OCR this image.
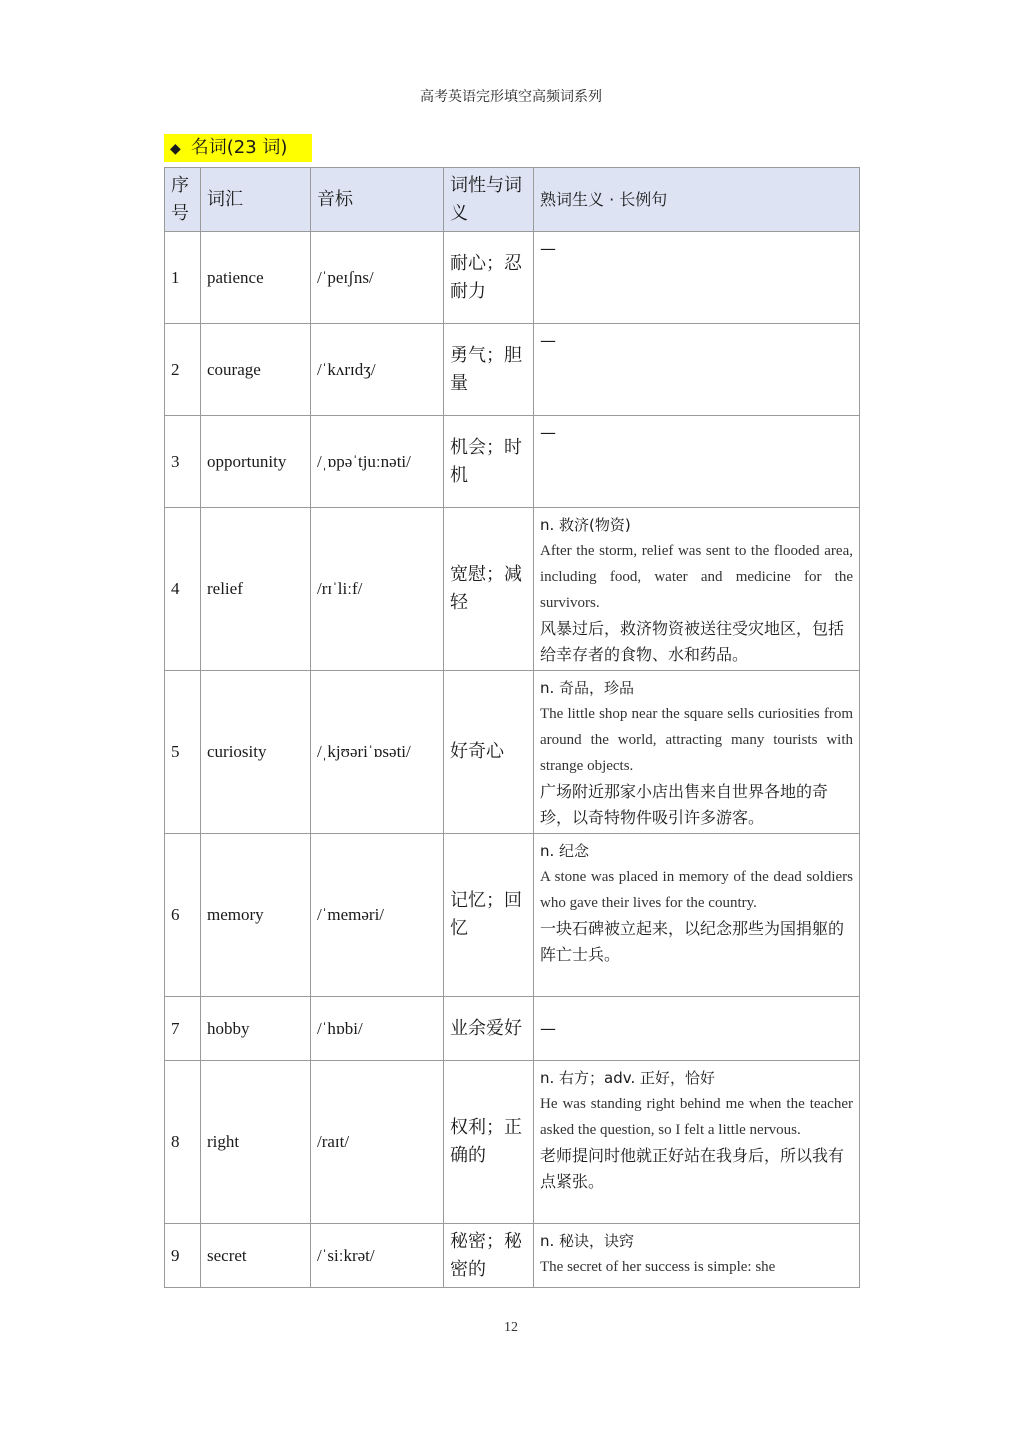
高考英语完形填空高频词系列
◆ 名词(23 词)
序号	词汇	音标	词性与词义	熟词生义 · 长例句
1	patience	/ˈpeɪʃns/	耐心；忍耐力	—

2	courage	/ˈkʌrɪdʒ/	勇气；胆量	—

3	opportunity	/ˌɒpəˈtjuːnəti/	机会；时机	—

4	relief	/rɪˈliːf/	宽慰；减轻	n. 救济(物资)
After the storm, relief was sent to the flooded area, including food, water and medicine for the survivors.
风暴过后，救济物资被送往受灾地区，包括给幸存者的食物、水和药品。

5	curiosity	/ˌkjʊəriˈɒsəti/	好奇心	n. 奇品，珍品
The little shop near the square sells curiosities from around the world, attracting many tourists with strange objects.
广场附近那家小店出售来自世界各地的奇珍，以奇特物件吸引许多游客。

6	memory	/ˈmeməri/	记忆；回忆	n. 纪念
A stone was placed in memory of the dead soldiers who gave their lives for the country.
一块石碑被立起来，以纪念那些为国捐躯的阵亡士兵。

7	hobby	/ˈhɒbi/	业余爱好	—

8	right	/raɪt/	权利；正确的	n. 右方；adv. 正好，恰好
He was standing right behind me when the teacher asked the question, so I felt a little nervous.
老师提问时他就正好站在我身后，所以我有点紧张。

9	secret	/ˈsiːkrət/	秘密；秘密的	n. 秘诀，诀窍
The secret of her success is simple: she
12
